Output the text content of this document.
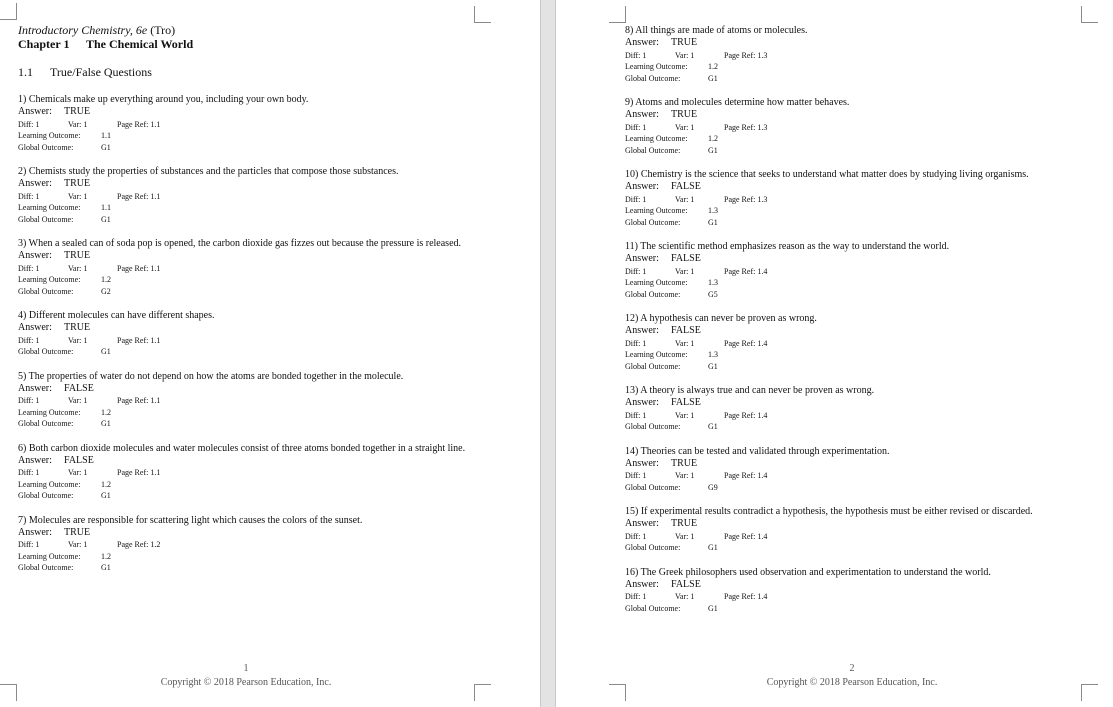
Introductory Chemistry, 6e (Tro)
Chapter 1 The Chemical World
1.1 True/False Questions
1) Chemicals make up everything around you, including your own body.
Answer: TRUE
Diff: 1	Var: 1	Page Ref: 1.1
Learning Outcome:	1.1
Global Outcome:	G1
2) Chemists study the properties of substances and the particles that compose those substances.
Answer: TRUE
Diff: 1	Var: 1	Page Ref: 1.1
Learning Outcome:	1.1
Global Outcome:	G1
3) When a sealed can of soda pop is opened, the carbon dioxide gas fizzes out because the pressure is released.
Answer: TRUE
Diff: 1	Var: 1	Page Ref: 1.1
Learning Outcome:	1.2
Global Outcome:	G2
4) Different molecules can have different shapes.
Answer: TRUE
Diff: 1	Var: 1	Page Ref: 1.1
Global Outcome:	G1
5) The properties of water do not depend on how the atoms are bonded together in the molecule.
Answer: FALSE
Diff: 1	Var: 1	Page Ref: 1.1
Learning Outcome:	1.2
Global Outcome:	G1
6) Both carbon dioxide molecules and water molecules consist of three atoms bonded together in a straight line.
Answer: FALSE
Diff: 1	Var: 1	Page Ref: 1.1
Learning Outcome:	1.2
Global Outcome:	G1
7) Molecules are responsible for scattering light which causes the colors of the sunset.
Answer: TRUE
Diff: 1	Var: 1	Page Ref: 1.2
Learning Outcome:	1.2
Global Outcome:	G1
1
Copyright © 2018 Pearson Education, Inc.
8) All things are made of atoms or molecules.
Answer: TRUE
Diff: 1	Var: 1	Page Ref: 1.3
Learning Outcome:	1.2
Global Outcome:	G1
9) Atoms and molecules determine how matter behaves.
Answer: TRUE
Diff: 1	Var: 1	Page Ref: 1.3
Learning Outcome:	1.2
Global Outcome:	G1
10) Chemistry is the science that seeks to understand what matter does by studying living organisms.
Answer: FALSE
Diff: 1	Var: 1	Page Ref: 1.3
Learning Outcome:	1.3
Global Outcome:	G1
11) The scientific method emphasizes reason as the way to understand the world.
Answer: FALSE
Diff: 1	Var: 1	Page Ref: 1.4
Learning Outcome:	1.3
Global Outcome:	G5
12) A hypothesis can never be proven as wrong.
Answer: FALSE
Diff: 1	Var: 1	Page Ref: 1.4
Learning Outcome:	1.3
Global Outcome:	G1
13) A theory is always true and can never be proven as wrong.
Answer: FALSE
Diff: 1	Var: 1	Page Ref: 1.4
Global Outcome:	G1
14) Theories can be tested and validated through experimentation.
Answer: TRUE
Diff: 1	Var: 1	Page Ref: 1.4
Global Outcome:	G9
15) If experimental results contradict a hypothesis, the hypothesis must be either revised or discarded.
Answer: TRUE
Diff: 1	Var: 1	Page Ref: 1.4
Global Outcome:	G1
16) The Greek philosophers used observation and experimentation to understand the world.
Answer: FALSE
Diff: 1	Var: 1	Page Ref: 1.4
Global Outcome:	G1
2
Copyright © 2018 Pearson Education, Inc.
